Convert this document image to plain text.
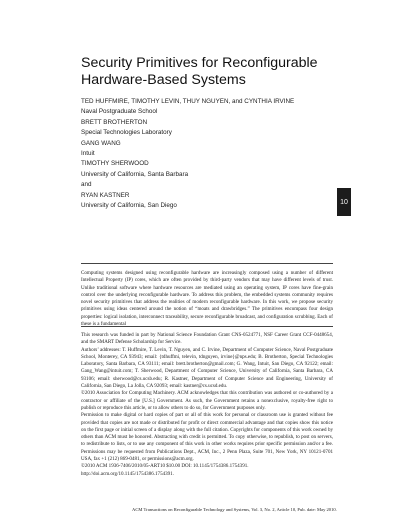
Security Primitives for Reconfigurable
Hardware-Based Systems
TED HUFFMIRE, TIMOTHY LEVIN, THUY NGUYEN, and CYNTHIA IRVINE
Naval Postgraduate School
BRETT BROTHERTON
Special Technologies Laboratory
GANG WANG
Intuit
TIMOTHY SHERWOOD
University of California, Santa Barbara
and
RYAN KASTNER
University of California, San Diego
Computing systems designed using reconfigurable hardware are increasingly composed using a number of different Intellectual Property (IP) cores, which are often provided by third-party vendors that may have different levels of trust. Unlike traditional software where hardware resources are mediated using an operating system, IP cores have fine-grain control over the underlying reconfigurable hardware. To address this problem, the embedded systems community requires novel security primitives that address the realities of modern reconfigurable hardware. In this work, we propose security primitives using ideas centered around the notion of “moats and drawbridges.” The primitives encompass four design properties: logical isolation, interconnect traceability, secure reconfigurable broadcast, and configuration scrubbing. Each of these is a fundamental

This research was funded in part by National Science Foundation Grant CNS-0524771, NSF Career Grant CCF-0448654, and the SMART Defense Scholarship for Service.

Authors’ addresses: T. Huffmire, T. Levin, T. Nguyen, and C. Irvine, Department of Computer Science, Naval Postgraduate School, Monterey, CA 93943; email: {tdhuffmi, televin, tdnguyen, irvine}@nps.edu; B. Brotherton, Special Technologies Laboratory, Santa Barbara, CA 93111; email: brett.brotherton@gmail.com; G. Wang, Intuit, San Diego, CA 92122; email: Gang_Wang@intuit.com; T. Sherwood, Department of Computer Science, University of California, Santa Barbara, CA 93106; email: sherwood@cs.ucsb.edu; R. Kastner, Department of Computer Science and Engineering, University of California, San Diego, La Jolla, CA 92093; email: kastner@cs.ucsd.edu.

©2010 Association for Computing Machinery. ACM acknowledges that this contribution was authored or co-authored by a contractor or affiliate of the [U.S.] Government. As such, the Government retains a nonexclusive, royalty-free right to publish or reproduce this article, or to allow others to do so, for Government purposes only.

Permission to make digital or hard copies of part or all of this work for personal or classroom use is granted without fee provided that copies are not made or distributed for profit or direct commercial advantage and that copies show this notice on the first page or initial screen of a display along with the full citation. Copyrights for components of this work owned by others than ACM must be honored. Abstracting with credit is permitted. To copy otherwise, to republish, to post on servers, to redistribute to lists, or to use any component of this work in other works requires prior specific permission and/or a fee. Permissions may be requested from Publications Dept., ACM, Inc., 2 Penn Plaza, Suite 701, New York, NY 10121-0701 USA, fax +1 (212) 869-0481, or permissions@acm.org.

©2010 ACM 1936-7406/2010/05-ART10 $10.00 DOI: 10.1145/1754386.1754391.

http://doi.acm.org/10.1145/1754386.1754391.

ACM Transactions on Reconfigurable Technology and Systems, Vol. 3, No. 2, Article 10, Pub. date: May 2010.
10
